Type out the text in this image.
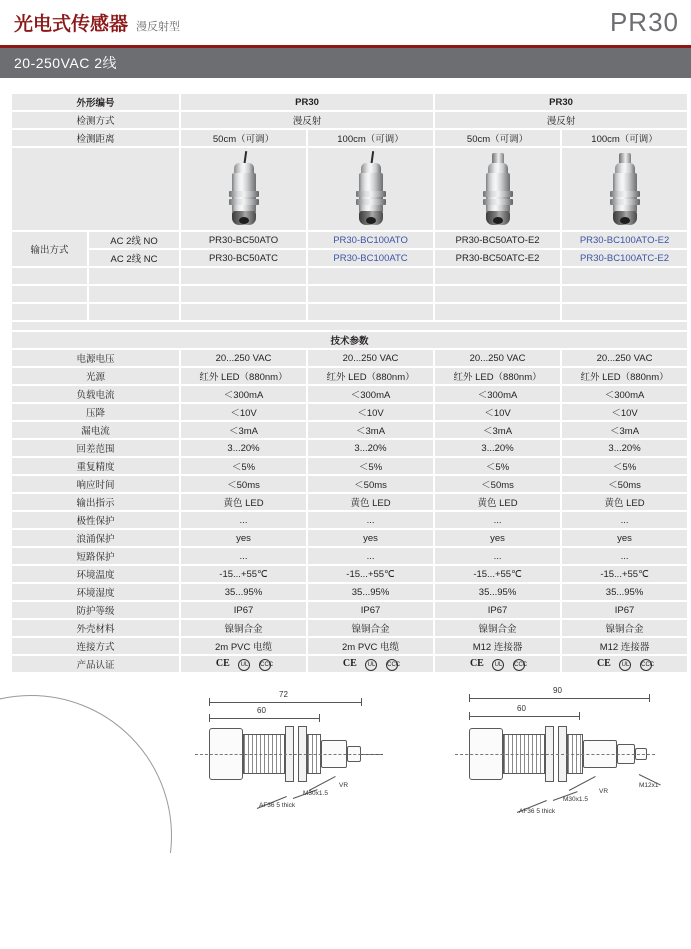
光电式传感器 漫反射型	PR30
20-250VAC 2线
外形编号		PR30		PR30	
检测方式		漫反射		漫反射	
检测距离		50cm（可调）	100cm（可调）	50cm（可调）	100cm（可调）

输出方式	AC 2线 NO	PR30-BC50ATO	PR30-BC100ATO	PR30-BC50ATO-E2	PR30-BC100ATO-E2
	AC 2线 NC	PR30-BC50ATC	PR30-BC100ATC	PR30-BC50ATC-E2	PR30-BC100ATC-E2

技术参数					
电源电压		20...250 VAC	20...250 VAC	20...250 VAC	20...250 VAC
光源		红外 LED（880nm）	红外 LED（880nm）	红外 LED（880nm）	红外 LED（880nm）
负载电流		＜300mA	＜300mA	＜300mA	＜300mA
压降		＜10V	＜10V	＜10V	＜10V
漏电流		＜3mA	＜3mA	＜3mA	＜3mA
回差范围		3...20%	3...20%	3...20%	3...20%
重复精度		＜5%	＜5%	＜5%	＜5%
响应时间		＜50ms	＜50ms	＜50ms	＜50ms
输出指示		黄色 LED	黄色 LED	黄色 LED	黄色 LED
极性保护		...	...	...	...
浪涌保护		yes	yes	yes	yes
短路保护		...	...	...	...
环境温度		-15...+55℃	-15...+55℃	-15...+55℃	-15...+55℃
环境湿度		35...95%	35...95%	35...95%	35...95%
防护等级		IP67	IP67	IP67	IP67
外壳材料		镍铜合金	镍铜合金	镍铜合金	镍铜合金
连接方式		2m PVC 电缆	2m PVC 电缆	M12 连接器	M12 连接器
产品认证		CE UL CCC	CE UL CCC	CE UL CCC	CE UL CCC
72
60
VR
M30x1.5
AF36 5 thick
90
60
M12x1
VR
M30x1.5
AF36 5 thick
